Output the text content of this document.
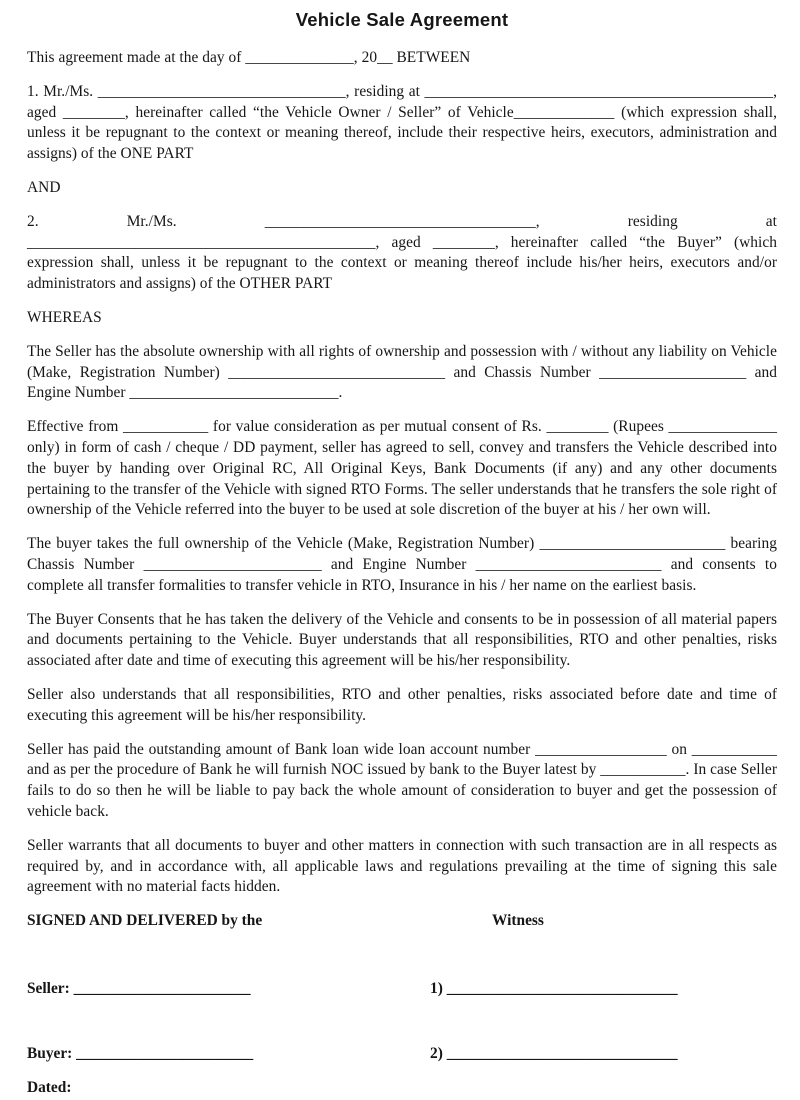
Vehicle Sale Agreement

This agreement made at the day of ______________, 20__ BETWEEN

1. Mr./Ms. ________________________________, residing at _____________________________________________, aged ________, hereinafter called “the Vehicle Owner / Seller” of Vehicle_____________ (which expression shall, unless it be repugnant to the context or meaning thereof, include their respective heirs, executors, administration and assigns) of the ONE PART

AND

2. Mr./Ms. ___________________________________, residing at _____________________________________________, aged ________, hereinafter called “the Buyer” (which expression shall, unless it be repugnant to the context or meaning thereof include his/her heirs, executors and/or administrators and assigns) of the OTHER PART

WHEREAS

The Seller has the absolute ownership with all rights of ownership and possession with / without any liability on Vehicle (Make, Registration Number) ____________________________ and Chassis Number ___________________ and Engine Number ___________________________.

Effective from ___________ for value consideration as per mutual consent of Rs. ________ (Rupees ______________ only) in form of cash / cheque / DD payment, seller has agreed to sell, convey and transfers the Vehicle described into the buyer by handing over Original RC, All Original Keys, Bank Documents (if any) and any other documents pertaining to the transfer of the Vehicle with signed RTO Forms. The seller understands that he transfers the sole right of ownership of the Vehicle referred into the buyer to be used at sole discretion of the buyer at his / her own will.

The buyer takes the full ownership of the Vehicle (Make, Registration Number) ________________________ bearing Chassis Number _______________________ and Engine Number ________________________ and consents to complete all transfer formalities to transfer vehicle in RTO, Insurance in his / her name on the earliest basis.

The Buyer Consents that he has taken the delivery of the Vehicle and consents to be in possession of all material papers and documents pertaining to the Vehicle. Buyer understands that all responsibilities, RTO and other penalties, risks associated after date and time of executing this agreement will be his/her responsibility.

Seller also understands that all responsibilities, RTO and other penalties, risks associated before date and time of executing this agreement will be his/her responsibility.

Seller has paid the outstanding amount of Bank loan wide loan account number _________________ on ___________ and as per the procedure of Bank he will furnish NOC issued by bank to the Buyer latest by ___________. In case Seller fails to do so then he will be liable to pay back the whole amount of consideration to buyer and get the possession of vehicle back.

Seller warrants that all documents to buyer and other matters in connection with such transaction are in all respects as required by, and in accordance with, all applicable laws and regulations prevailing at the time of signing this sale agreement with no material facts hidden.

SIGNED AND DELIVERED by the	Witness
Seller: _______________________	1) ______________________________
Buyer: _______________________	2) ______________________________
Dated:
